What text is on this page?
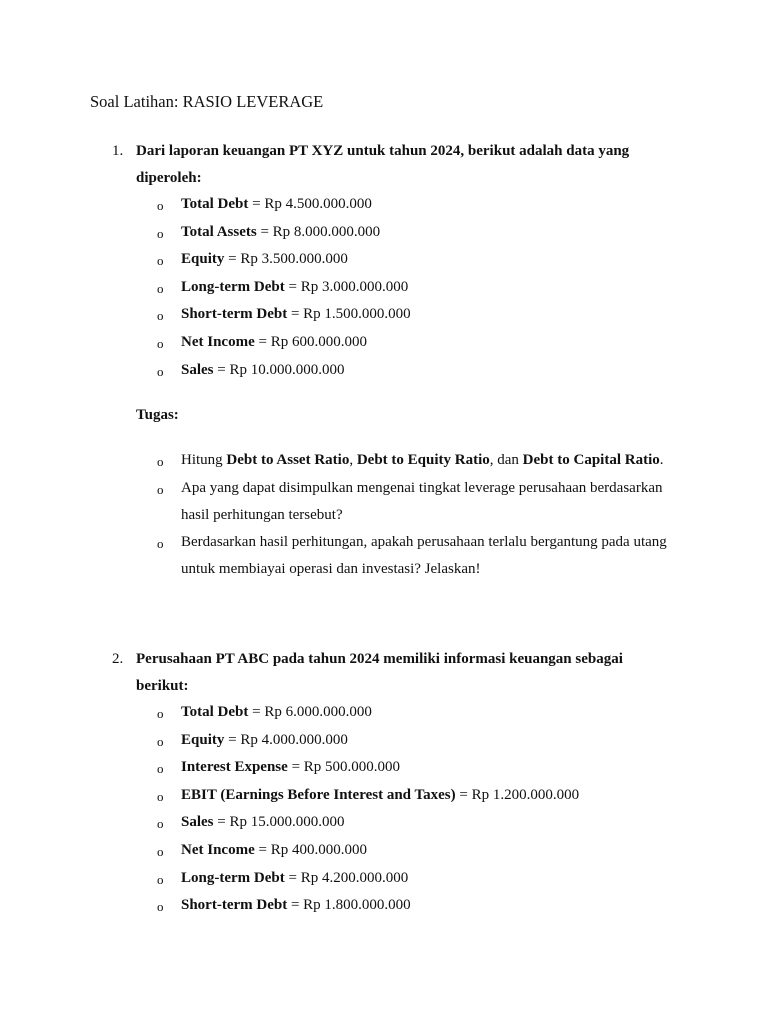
Soal Latihan: RASIO LEVERAGE
1. Dari laporan keuangan PT XYZ untuk tahun 2024, berikut adalah data yang
diperoleh:
o Total Debt = Rp 4.500.000.000
o Total Assets = Rp 8.000.000.000
o Equity = Rp 3.500.000.000
o Long-term Debt = Rp 3.000.000.000
o Short-term Debt = Rp 1.500.000.000
o Net Income = Rp 600.000.000
o Sales = Rp 10.000.000.000
Tugas:
o Hitung Debt to Asset Ratio, Debt to Equity Ratio, dan Debt to Capital Ratio.
o Apa yang dapat disimpulkan mengenai tingkat leverage perusahaan berdasarkan
hasil perhitungan tersebut?
o Berdasarkan hasil perhitungan, apakah perusahaan terlalu bergantung pada utang
untuk membiayai operasi dan investasi? Jelaskan!
2. Perusahaan PT ABC pada tahun 2024 memiliki informasi keuangan sebagai
berikut:
o Total Debt = Rp 6.000.000.000
o Equity = Rp 4.000.000.000
o Interest Expense = Rp 500.000.000
o EBIT (Earnings Before Interest and Taxes) = Rp 1.200.000.000
o Sales = Rp 15.000.000.000
o Net Income = Rp 400.000.000
o Long-term Debt = Rp 4.200.000.000
o Short-term Debt = Rp 1.800.000.000
